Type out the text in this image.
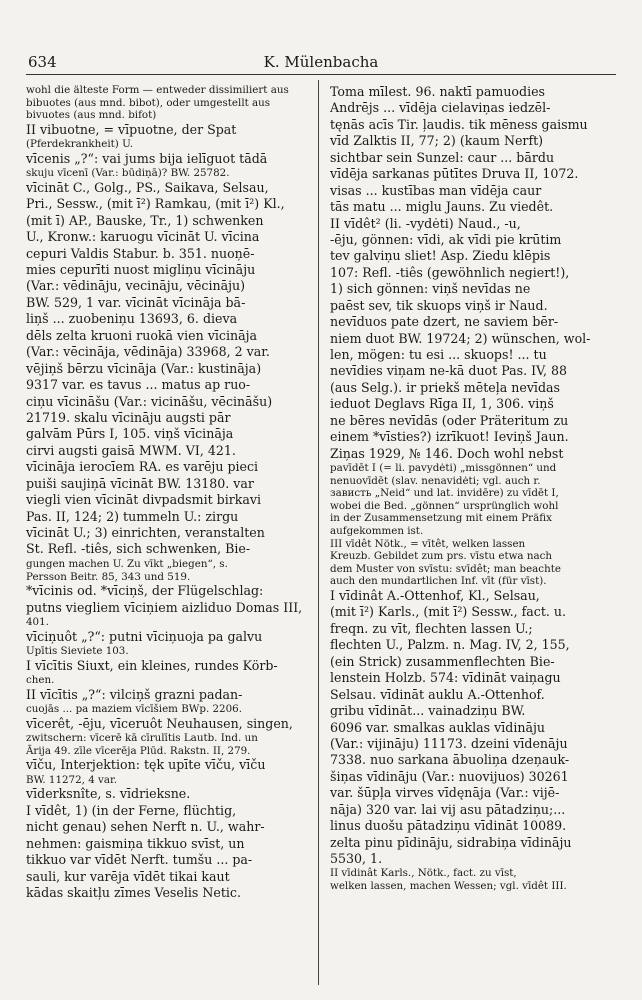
634	K. Mülenbacha
wohl die älteste Form — entweder dissimiliert aus
bibuotes (aus mnd. bibot), oder umgestellt aus
bivuotes (aus mnd. bifot)
II vibuotne, = vīpuotne, der Spat
(Pferdekrankheit) U.
vīcenis „?“: vai jums bija ielīguot tādā
skuju vīcenī (Var.: būdiņā)? BW. 25782.
vīcināt C., Golg., PS., Saikava, Selsau,
Pri., Sessw., (mit ī²) Ramkau, (mit ī²) Kl.,
(mit ī) AP., Bauske, Tr., 1) schwenken
U., Kronw.: karuogu vīcināt U. vīcina
cepuri Valdis Stabur. b. 351. nuoņē-
mies cepurīti nuost migliņu vīcināju
(Var.: vēdināju, vecināju, vēcināju)
BW. 529, 1 var. vīcināt vīcināja bā-
liņš ... zuobeniņu 13693, 6. dieva
dēls zelta kruoni ruokā vien vīcināja
(Var.: vēcināja, vēdināja) 33968, 2 var.
vējiņš bērzu vīcināja (Var.: kustināja)
9317 var. es tavus ... matus ap ruo-
ciņu vīcināšu (Var.: vicināšu, vēcināšu)
21719. skalu vīcināju augsti pār
galvām Pūrs I, 105. viņš vīcināja
cirvi augsti gaisā MWM. VI, 421.
vīcināja ierocīem RA. es varēju pieci
puiši saujiņā vīcināt BW. 13180. var
viegli vien vīcināt divpadsmit birkavi
Pas. II, 124; 2) tummeln U.: zirgu
vīcināt U.; 3) einrichten, veranstalten
St. Refl. -tiês, sich schwenken, Bie-
gungen machen U. Zu vīkt „biegen“, s.
Persson Beitr. 85, 343 und 519.
*vīcinis od. *vīciņš, der Flügelschlag:
putns viegliem vīciņiem aizliduo Domas III,
401.
vīciņuôt „?“: putni vīciņuoja pa galvu
Upītis Sieviete 103.
I vīcītis Siuxt, ein kleines, rundes Körb-
chen.
II vīcītis „?“: vilciņš grazni padan-
cuojās ... pa maziem vīcīšiem BWp. 2206.
vīcerêt, -ēju, vīceruôt Neuhausen, singen,
zwitschern: vīcerē kā cīrulītis Lautb. Ind. un
Ārija 49. zīle vīcerēja Plūd. Rakstn. II, 279.
vīču, Interjektion: tęk upīte vīču, vīču
BW. 11272, 4 var.
vīderksnîte, s. vīdrieksne.
I vīdêt, 1) (in der Ferne, flüchtig,
nicht genau) sehen Nerft n. U., wahr-
nehmen: gaismiņa tikkuo svīst, un
tikkuo var vīdēt Nerft. tumšu ... pa-
sauli, kur varēja vīdēt tikai kaut
kādas skaitļu zīmes Veselis Netic.
Toma mīlest. 96. naktī pamuodies
Andrējs ... vīdēja cielaviņas iedzēl-
tęnās acīs Tir. ļaudis. tik mēness gaismu
vīd Zalktis II, 77; 2) (kaum Nerft)
sichtbar sein Sunzel: caur ... bārdu
vīdēja sarkanas pūtītes Druva II, 1072.
visas ... kustības man vīdēja caur
tās matu ... miglu Jauns. Zu viedêt.
II vīdêt² (li. -vydėti) Naud., -u,
-ēju, gönnen: vīdi, ak vīdi pie krūtim
tev galviņu sliet! Asp. Ziedu klēpis
107: Refl. -tiês (gewöhnlich negiert!),
1) sich gönnen: viņš nevīdas ne
paēst sev, tik skuops viņš ir Naud.
nevīduos pate dzert, ne saviem bēr-
niem duot BW. 19724; 2) wünschen, wol-
len, mögen: tu esi ... skuops! ... tu
nevīdies viņam ne-kā duot Pas. IV, 88
(aus Selg.). ir priekš mēteļa nevīdas
ieduot Deglavs Rīga II, 1, 306. viņš
ne bēres nevīdās (oder Präteritum zu
einem *vīsties?) izrīkuot! Ieviņš Jaun.
Ziņas 1929, № 146. Doch wohl nebst
pavīdēt I (= li. pavydėti) „missgönnen“ und
nenuovīdēt (slav. nenavidėti; vgl. auch r.
зависть „Neid“ und lat. invidēre) zu vīdēt I,
wobei die Bed. „gönnen“ ursprünglich wohl
in der Zusammensetzung mit einem Präfix
aufgekommen ist.
III vīdêt Nötk., = vītêt, welken lassen
Kreuzb. Gebildet zum prs. vīstu etwa nach
dem Muster von svīstu: svīdêt; man beachte
auch den mundartlichen Inf. vīt (für vīst).
I vīdinât A.-Ottenhof, Kl., Selsau,
(mit ī²) Karls., (mit ī²) Sessw., fact. u.
freqn. zu vīt, flechten lassen U.;
flechten U., Palzm. n. Mag. IV, 2, 155,
(ein Strick) zusammenflechten Bie-
lenstein Holzb. 574: vīdināt vaiņagu
Selsau. vīdināt auklu A.-Ottenhof.
gribu vīdināt... vainadziņu BW.
6096 var. smalkas auklas vīdināju
(Var.: vijināju) 11173. dzeini vīdenāju
7338. nuo sarkana ābuoliņa dzeņauk-
šiņas vīdināju (Var.: nuovijuos) 30261
var. šūpļa virves vīdęnāja (Var.: vijē-
nāja) 320 var. lai vij asu pātadziņu;...
linus duošu pātadziņu vīdināt 10089.
zelta pinu pīdināju, sidrabiņa vīdināju
5530, 1.
II vīdinât Karls., Nötk., fact. zu vīst,
welken lassen, machen Wessen; vgl. vīdêt III.
